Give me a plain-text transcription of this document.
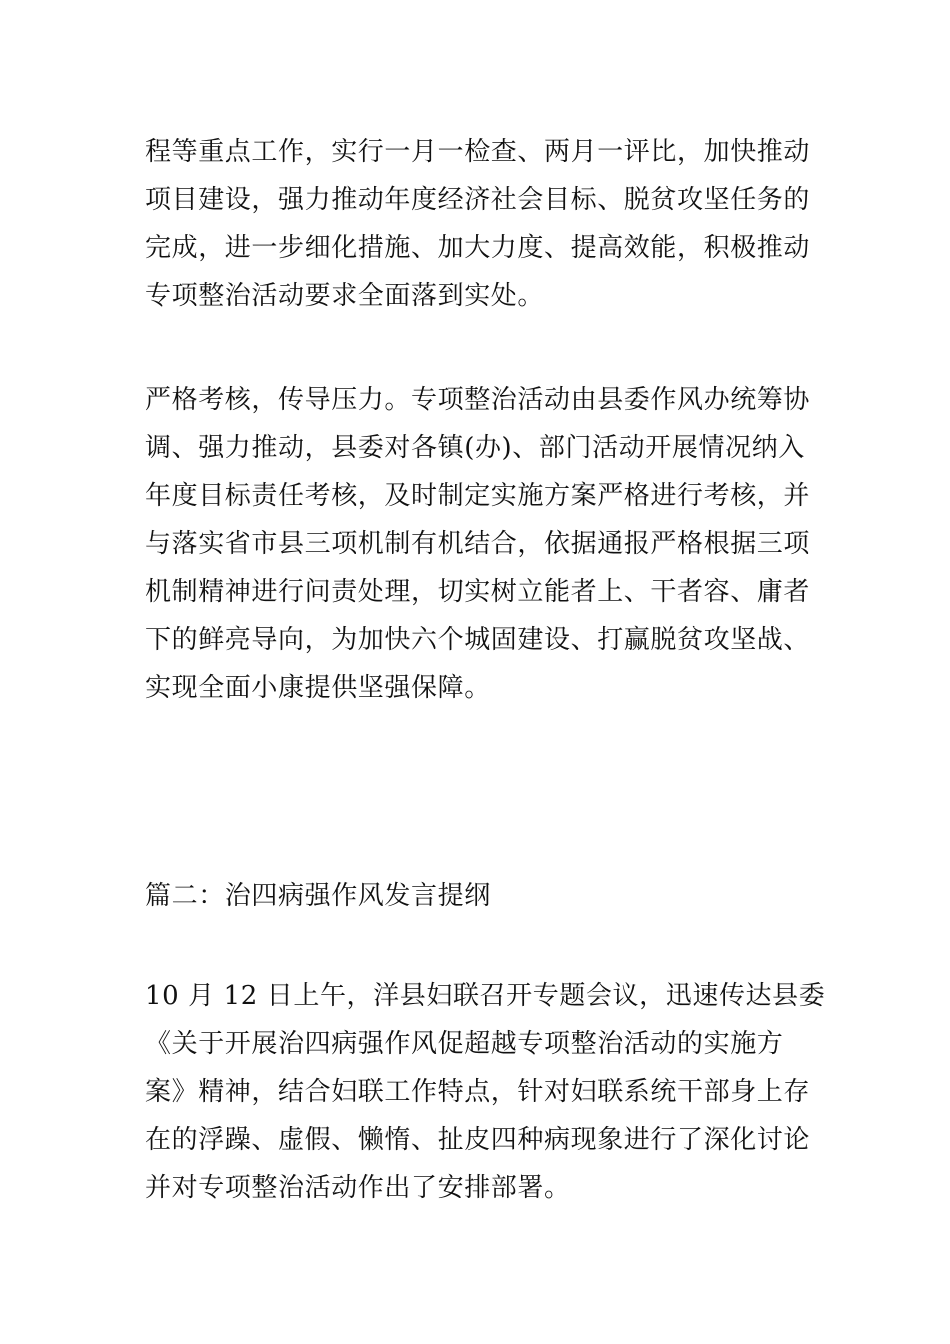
程等重点工作，实行一月一检查、两月一评比，加快推动
项目建设，强力推动年度经济社会目标、脱贫攻坚任务的
完成，进一步细化措施、加大力度、提高效能，积极推动
专项整治活动要求全面落到实处。
严格考核，传导压力。专项整治活动由县委作风办统筹协
调、强力推动，县委对各镇(办)、部门活动开展情况纳入
年度目标责任考核，及时制定实施方案严格进行考核，并
与落实省市县三项机制有机结合，依据通报严格根据三项
机制精神进行问责处理，切实树立能者上、干者容、庸者
下的鲜亮导向，为加快六个城固建设、打赢脱贫攻坚战、
实现全面小康提供坚强保障。
篇二：治四病强作风发言提纲
10 月 12 日上午，洋县妇联召开专题会议，迅速传达县委
《关于开展治四病强作风促超越专项整治活动的实施方
案》精神，结合妇联工作特点，针对妇联系统干部身上存
在的浮躁、虚假、懒惰、扯皮四种病现象进行了深化讨论
并对专项整治活动作出了安排部署。
